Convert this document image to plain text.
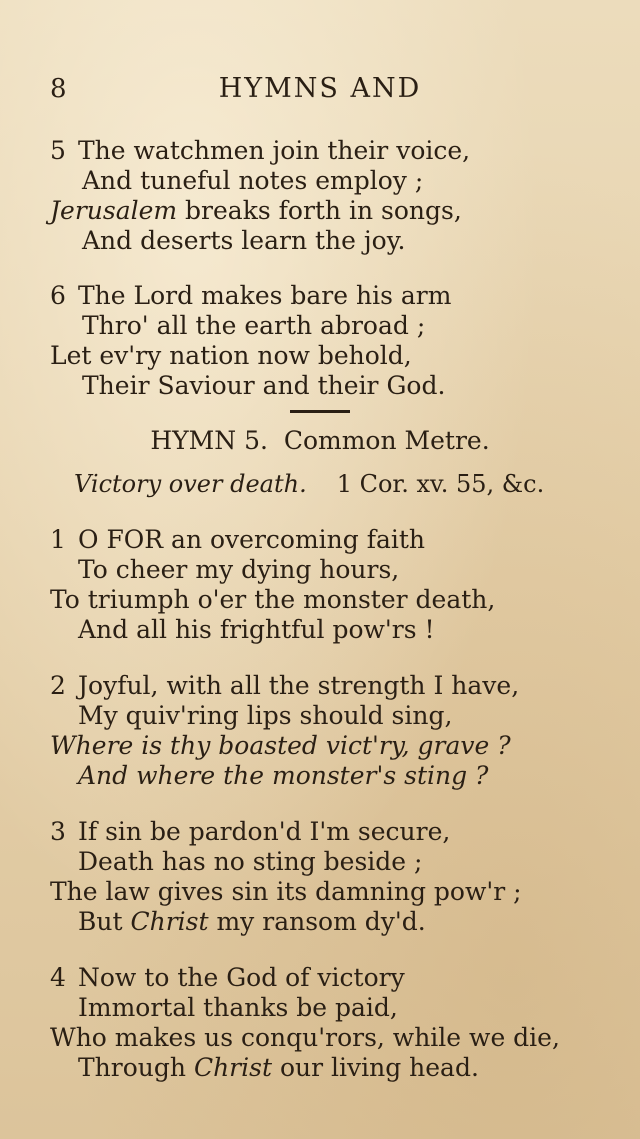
8	HYMNS AND
5 The watchmen join their voice,
And tuneful notes employ ;
Jerusalem breaks forth in songs,
And deserts learn the joy.
6 The Lord makes bare his arm
Thro' all the earth abroad ;
Let ev'ry nation now behold,
Their Saviour and their God.
HYMN 5. Common Metre.
Victory over death. 1 Cor. xv. 55, &c.
1 O FOR an overcoming faith
To cheer my dying hours,
To triumph o'er the monster death,
And all his frightful pow'rs !
2 Joyful, with all the strength I have,
My quiv'ring lips should sing,
Where is thy boasted vict'ry, grave ?
And where the monster's sting ?
3 If sin be pardon'd I'm secure,
Death has no sting beside ;
The law gives sin its damning pow'r ;
But Christ my ransom dy'd.
4 Now to the God of victory
Immortal thanks be paid,
Who makes us conqu'rors, while we die,
Through Christ our living head.
